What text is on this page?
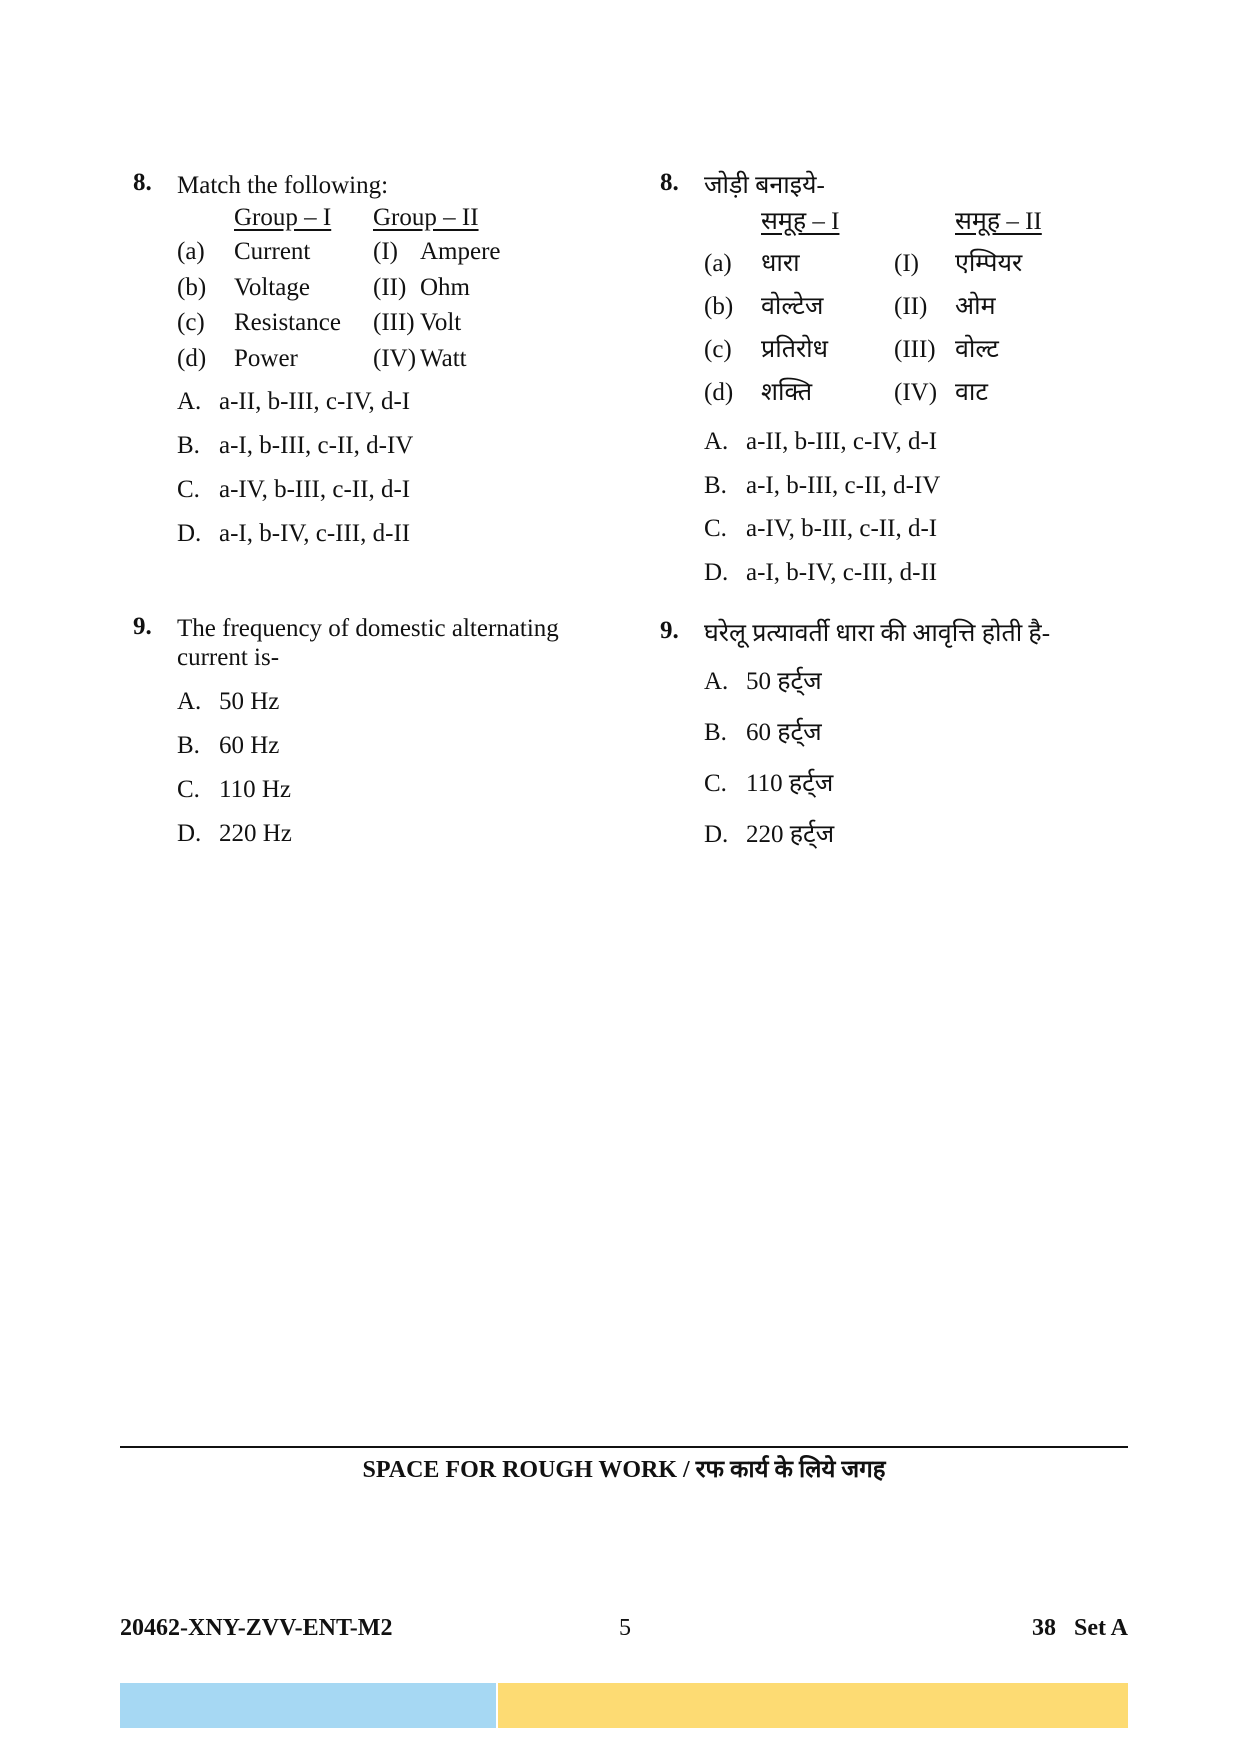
8. Match the following:

Group – I Group – II
(a) Current	(I) Ampere
(b) Voltage	(II) Ohm
(c) Resistance (III) Volt
(d) Power	(IV) Watt
A. a-II, b-III, c-IV, d-I
B. a-I, b-III, c-II, d-IV
C. a-IV, b-III, c-II, d-I
D. a-I, b-IV, c-III, d-II
9. The frequency of domestic alternating current is-

A. 50 Hz
B. 60 Hz
C. 110 Hz
D. 220 Hz
8. जोड़ी बनाइये-

समूह – I	समूह – II
(a) धारा	(I) एम्पियर
(b) वोल्टेज	(II) ओम
(c) प्रतिरोध	(III) वोल्ट
(d) शक्ति	(IV) वाट
A. a-II, b-III, c-IV, d-I
B. a-I, b-III, c-II, d-IV
C. a-IV, b-III, c-II, d-I
D. a-I, b-IV, c-III, d-II
9. घरेलू प्रत्यावर्ती धारा की आवृत्ति होती है-

A. 50 हर्ट्ज
B. 60 हर्ट्ज
C. 110 हर्ट्ज
D. 220 हर्ट्ज
SPACE FOR ROUGH WORK / रफ कार्य के लिये जगह
20462-XNY-ZVV-ENT-M2	5	38   Set A
